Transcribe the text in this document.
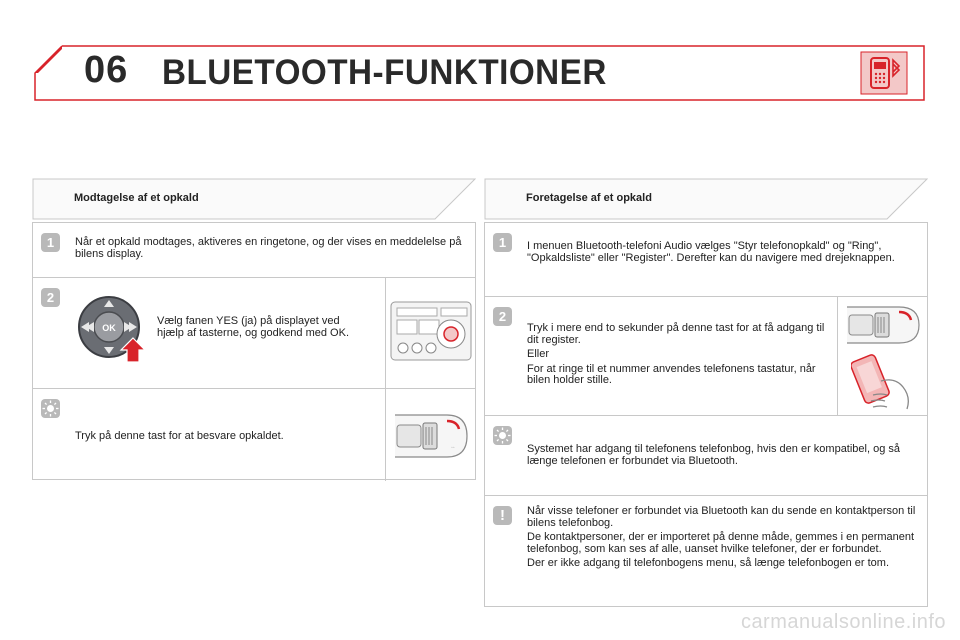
06 BLUETOOTH-FUNKTIONER
Modtagelse af et opkald
1	Når et opkald modtages, aktiveres en ringetone, og der vises en meddelelse på bilens display.
2
OK
Vælg fanen YES (ja) på displayet ved hjælp af tasterne, og godkend med OK.
Tryk på denne tast for at besvare opkaldet.
◦◦
Foretagelse af et opkald
1	I menuen Bluetooth-telefoni Audio vælges "Styr telefonopkald" og "Ring", "Opkaldsliste" eller "Register". Derefter kan du navigere med drejeknappen.
2

Tryk i mere end to sekunder på denne tast for at få adgang til dit register.

Eller

For at ringe til et nummer anvendes telefonens tastatur, når bilen holder stille.

Systemet har adgang til telefonens telefonbog, hvis den er kompatibel, og så længe telefonen er forbundet via Bluetooth.
!	Når visse telefoner er forbundet via Bluetooth kan du sende en kontaktperson til bilens telefonbog.

De kontaktpersoner, der er importeret på denne måde, gemmes i en permanent telefonbog, som kan ses af alle, uanset hvilke telefoner, der er forbundet.

Der er ikke adgang til telefonbogens menu, så længe telefonbogen er tom.

carmanualsonline.info
